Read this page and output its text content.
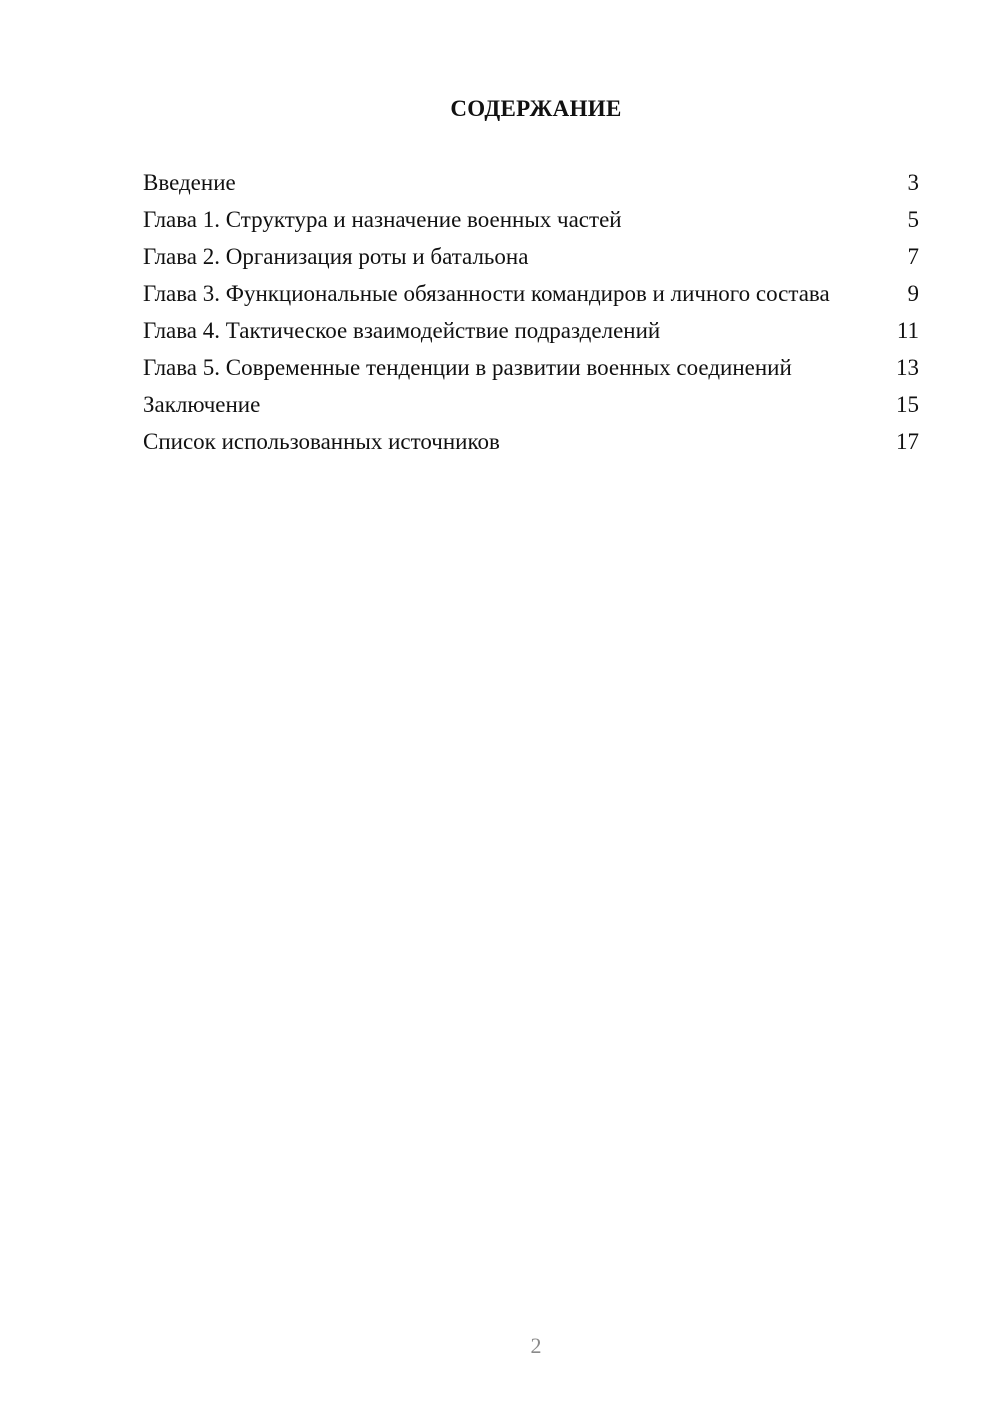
СОДЕРЖАНИЕ
Введение	3
Глава 1. Структура и назначение военных частей	5
Глава 2. Организация роты и батальона	7
Глава 3. Функциональные обязанности командиров и личного состава	9
Глава 4. Тактическое взаимодействие подразделений	11
Глава 5. Современные тенденции в развитии военных соединений	13
Заключение	15
Список использованных источников	17
2
